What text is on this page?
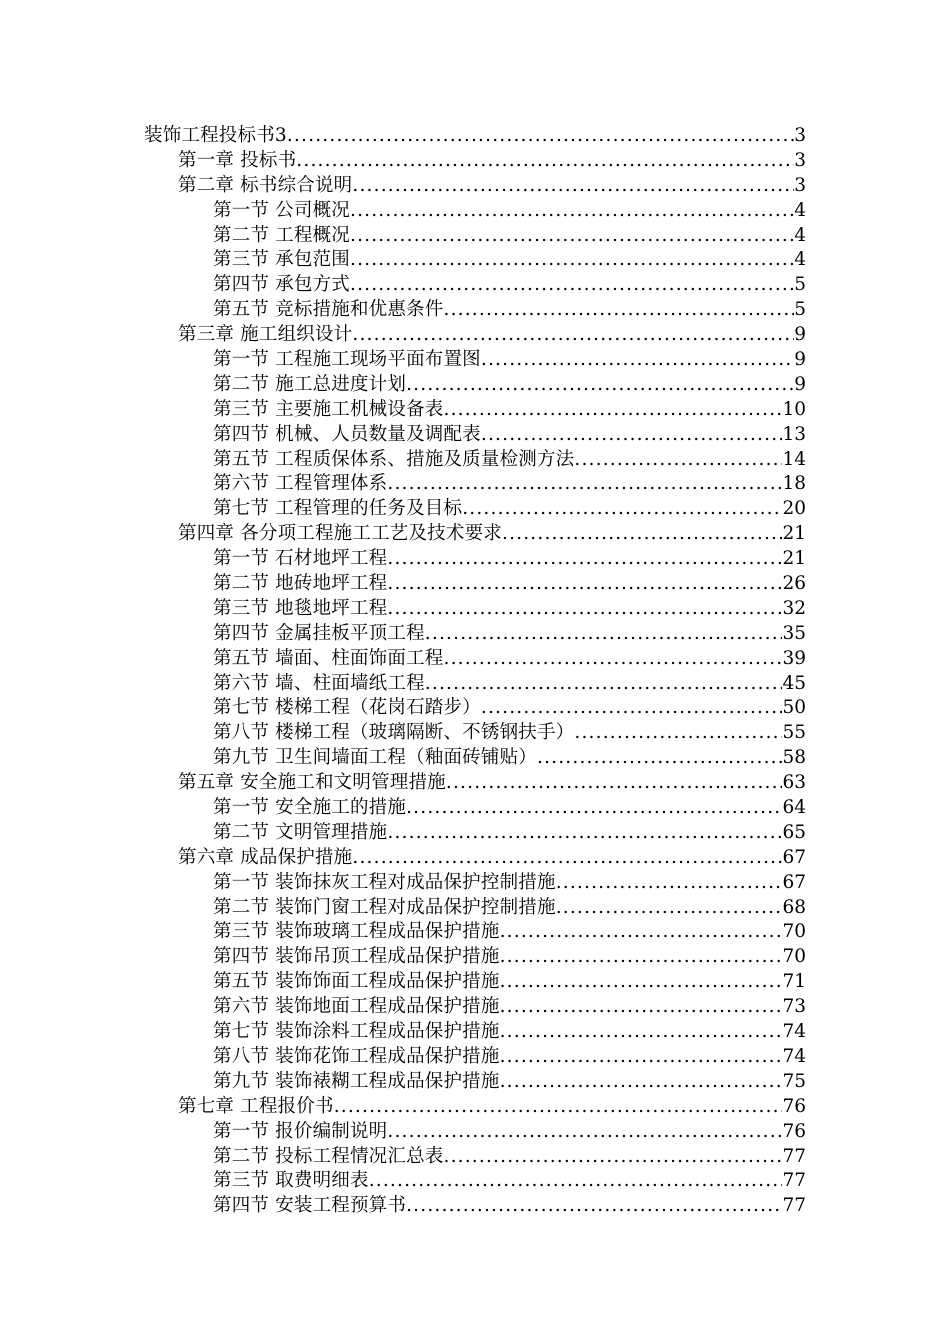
装饰工程投标书3 .....	3
第一章 投标书 .....	3
第二章 标书综合说明 .....	3
第一节 公司概况 .....	4
第二节 工程概况 .....	4
第三节 承包范围 .....	4
第四节 承包方式 .....	5
第五节 竞标措施和优惠条件 .....	5
第三章 施工组织设计 .....	9
第一节 工程施工现场平面布置图 .....	9
第二节 施工总进度计划 .....	9
第三节 主要施工机械设备表 .....	10
第四节 机械、人员数量及调配表 .....	13
第五节 工程质保体系、措施及质量检测方法 .....	14
第六节 工程管理体系 .....	18
第七节 工程管理的任务及目标 .....	20
第四章 各分项工程施工工艺及技术要求 .....	21
第一节 石材地坪工程 .....	21
第二节 地砖地坪工程 .....	26
第三节 地毯地坪工程 .....	32
第四节 金属挂板平顶工程 .....	35
第五节 墙面、柱面饰面工程 .....	39
第六节 墙、柱面墙纸工程 .....	45
第七节 楼梯工程（花岗石踏步） .....	50
第八节 楼梯工程（玻璃隔断、不锈钢扶手） .....	55
第九节 卫生间墙面工程（釉面砖铺贴） .....	58
第五章 安全施工和文明管理措施 .....	63
第一节 安全施工的措施 .....	64
第二节 文明管理措施 .....	65
第六章 成品保护措施 .....	67
第一节 装饰抹灰工程对成品保护控制措施 .....	67
第二节 装饰门窗工程对成品保护控制措施 .....	68
第三节 装饰玻璃工程成品保护措施 .....	70
第四节 装饰吊顶工程成品保护措施 .....	70
第五节 装饰饰面工程成品保护措施 .....	71
第六节 装饰地面工程成品保护措施 .....	73
第七节 装饰涂料工程成品保护措施 .....	74
第八节 装饰花饰工程成品保护措施 .....	74
第九节 装饰裱糊工程成品保护措施 .....	75
第七章 工程报价书 .....	76
第一节 报价编制说明 .....	76
第二节 投标工程情况汇总表 .....	77
第三节 取费明细表 .....	77
第四节 安装工程预算书 .....	77
